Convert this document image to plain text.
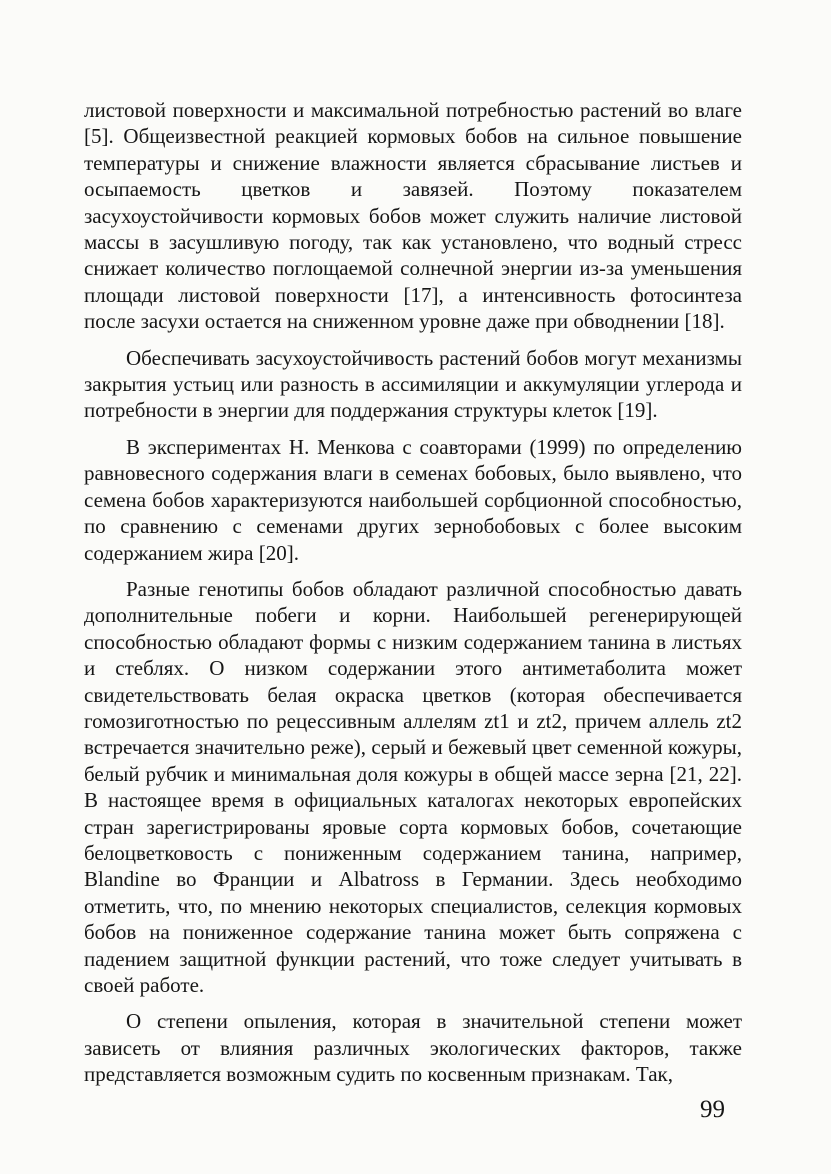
листовой поверхности и максимальной потребностью растений во влаге [5]. Общеизвестной реакцией кормовых бобов на сильное повышение температуры и снижение влажности является сбрасывание листьев и осыпаемость цветков и завязей. Поэтому показателем засухоустойчивости кормовых бобов может служить наличие листовой массы в засушливую погоду, так как установлено, что водный стресс снижает количество поглощаемой солнечной энергии из-за уменьшения площади листовой поверхности [17], а интенсивность фотосинтеза после засухи остается на сниженном уровне даже при обводнении [18].

Обеспечивать засухоустойчивость растений бобов могут механизмы закрытия устьиц или разность в ассимиляции и аккумуляции углерода и потребности в энергии для поддержания структуры клеток [19].

В экспериментах Н. Менкова с соавторами (1999) по определению равновесного содержания влаги в семенах бобовых, было выявлено, что семена бобов характеризуются наибольшей сорбционной способностью, по сравнению с семенами других зернобобовых с более высоким содержанием жира [20].

Разные генотипы бобов обладают различной способностью давать дополнительные побеги и корни. Наибольшей регенерирующей способностью обладают формы с низким содержанием танина в листьях и стеблях. О низком содержании этого антиметаболита может свидетельствовать белая окраска цветков (которая обеспечивается гомозиготностью по рецессивным аллелям zt1 и zt2, причем аллель zt2 встречается значительно реже), серый и бежевый цвет семенной кожуры, белый рубчик и минимальная доля кожуры в общей массе зерна [21, 22]. В настоящее время в официальных каталогах некоторых европейских стран зарегистрированы яровые сорта кормовых бобов, сочетающие белоцветковость с пониженным содержанием танина, например, Blandine во Франции и Albatross в Германии. Здесь необходимо отметить, что, по мнению некоторых специалистов, селекция кормовых бобов на пониженное содержание танина может быть сопряжена с падением защитной функции растений, что тоже следует учитывать в своей работе.

О степени опыления, которая в значительной степени может зависеть от влияния различных экологических факторов, также представляется возможным судить по косвенным признакам. Так,

99
